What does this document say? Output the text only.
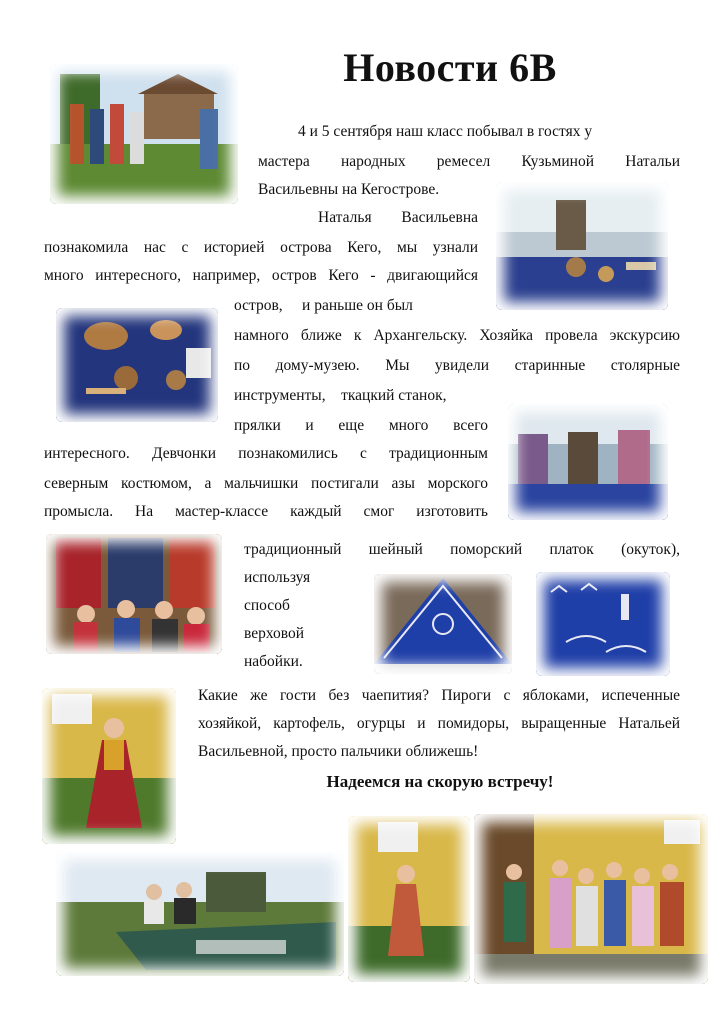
Новости 6В
4 и 5 сентября наш класс побывал в гостях у
мастера народных ремесел Кузьминой Натальи
Васильевны на Кегострове.
Наталья Васильевна
познакомила нас с историей острова Кего, мы узнали
много интересного, например, остров Кего - двигающийся
остров,     и раньше он был
намного ближе к Архангельску. Хозяйка провела экскурсию
по дому-музею. Мы увидели старинные столярные
инструменты,    ткацкий станок,
прялки и еще много всего
интересного. Девчонки познакомились с традиционным
северным костюмом, а мальчишки постигали азы морского
промысла. На мастер-классе каждый смог изготовить
традиционный шейный поморский платок (окуток),
используя
способ
верховой
набойки.
Какие же гости без чаепития? Пироги с яблоками, испеченные
хозяйкой, картофель, огурцы и помидоры, выращенные Натальей
Васильевной, просто пальчики оближешь!
Надеемся на скорую встречу!
